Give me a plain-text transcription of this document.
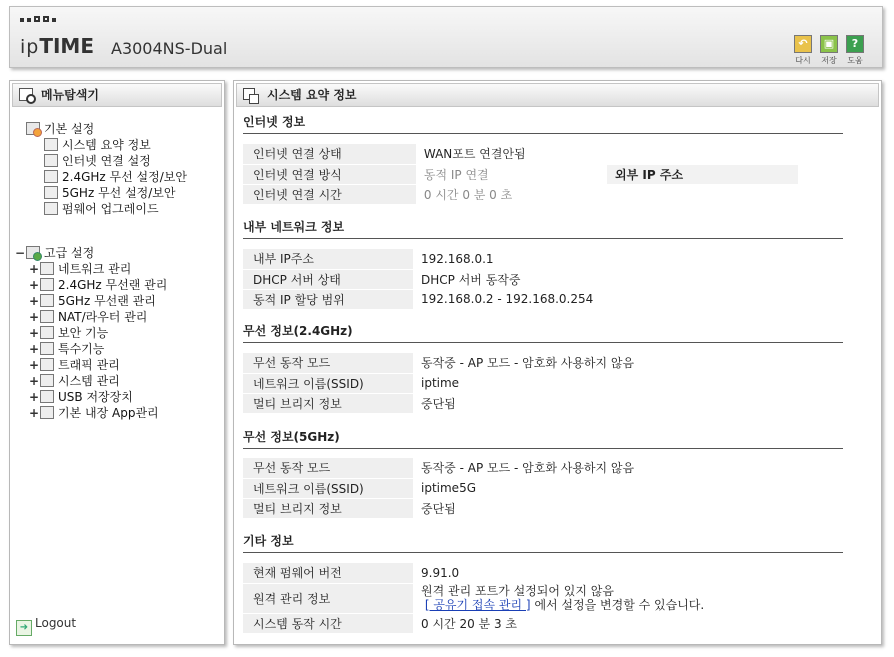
ipTIME A3004NS-Dual	↶
다시
▣
저장
?
도움
메뉴탐색기
기본 설정
시스템 요약 정보
인터넷 연결 설정
2.4GHz 무선 설정/보안
5GHz 무선 설정/보안
펌웨어 업그레이드
− 고급 설정
+ 네트워크 관리
+ 2.4GHz 무선랜 관리
+ 5GHz 무선랜 관리
+ NAT/라우터 관리
+ 보안 기능
+ 특수기능
+ 트래픽 관리
+ 시스템 관리
+ USB 저장장치
+ 기본 내장 App관리
➜ Logout
시스템 요약 정보
인터넷 정보
인터넷 연결 상태	WAN포트 연결안됨		
인터넷 연결 방식	동적 IP 연결	외부 IP 주소	
인터넷 연결 시간	0 시간 0 분 0 초		
내부 네트워크 정보
내부 IP주소	192.168.0.1
DHCP 서버 상태	DHCP 서버 동작중
동적 IP 할당 범위	192.168.0.2 - 192.168.0.254
무선 정보(2.4GHz)
무선 동작 모드	동작중 - AP 모드 - 암호화 사용하지 않음
네트워크 이름(SSID)	iptime
멀티 브리지 정보	중단됨
무선 정보(5GHz)
무선 동작 모드	동작중 - AP 모드 - 암호화 사용하지 않음
네트워크 이름(SSID)	iptime5G
멀티 브리지 정보	중단됨
기타 정보
현재 펌웨어 버전	9.91.0
원격 관리 정보	원격 관리 포트가 설정되어 있지 않음
[ 공유기 접속 관리 ] 에서 설정을 변경할 수 있습니다.
시스템 동작 시간	0 시간 20 분 3 초
